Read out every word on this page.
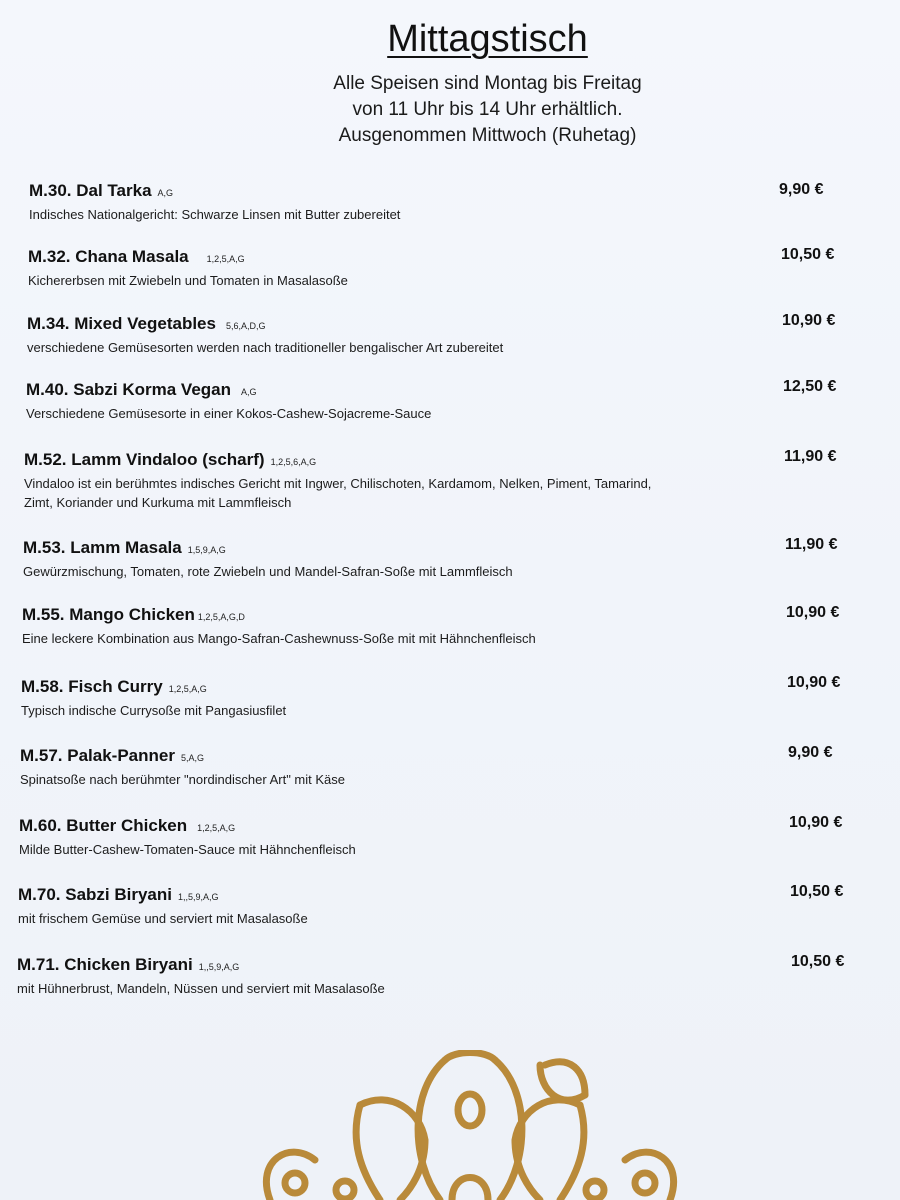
Mittagstisch
Alle Speisen sind Montag bis Freitag
von 11 Uhr bis 14 Uhr erhältlich.
Ausgenommen Mittwoch (Ruhetag)
M.30. Dal Tarka A,G
Indisches Nationalgericht: Schwarze Linsen mit Butter zubereitet
9,90 €
M.32. Chana Masala 1,2,5,A,G
Kichererbsen mit Zwiebeln und Tomaten in Masalasoße
10,50 €
M.34. Mixed Vegetables 5,6,A,D,G
verschiedene Gemüsesorten werden nach traditioneller bengalischer Art zubereitet
10,90 €
M.40. Sabzi Korma Vegan A,G
Verschiedene Gemüsesorte in einer Kokos-Cashew-Sojacreme-Sauce
12,50 €
M.52. Lamm Vindaloo (scharf) 1,2,5,6,A,G
Vindaloo ist ein berühmtes indisches Gericht mit Ingwer, Chilischoten, Kardamom, Nelken, Piment, Tamarind, Zimt, Koriander und Kurkuma mit Lammfleisch
11,90 €
M.53. Lamm Masala 1,5,9,A,G
Gewürzmischung, Tomaten, rote Zwiebeln und Mandel-Safran-Soße mit Lammfleisch
11,90 €
M.55. Mango Chicken 1,2,5,A,G,D
Eine leckere Kombination aus Mango-Safran-Cashewnuss-Soße mit mit Hähnchenfleisch
10,90 €
M.58. Fisch Curry 1,2,5,A,G
Typisch indische Currysoße mit Pangasiusfilet
10,90 €
M.57. Palak-Panner 5,A,G
Spinatsoße nach berühmter "nordindischer Art" mit Käse
9,90 €
M.60. Butter Chicken 1,2,5,A,G
Milde Butter-Cashew-Tomaten-Sauce mit Hähnchenfleisch
10,90 €
M.70. Sabzi Biryani 1,,5,9,A,G
mit frischem Gemüse und serviert mit Masalasoße
10,50 €
M.71. Chicken Biryani 1,,5,9,A,G
mit Hühnerbrust, Mandeln, Nüssen und serviert mit Masalasoße
10,50 €
